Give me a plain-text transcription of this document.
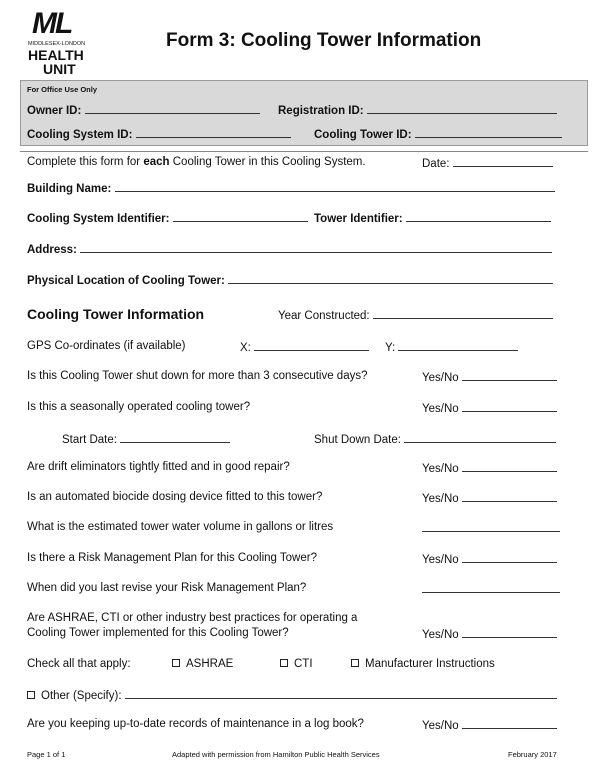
ML
MIDDLESEX-LONDON
HEALTH
UNIT
Form 3: Cooling Tower Information
For Office Use Only
Owner ID:	Registration ID:
Cooling System ID:	Cooling Tower ID:
Complete this form for each Cooling Tower in this Cooling System.	Date:
Building Name:
Cooling System Identifier:	Tower Identifier:
Address:
Physical Location of Cooling Tower:
Cooling Tower Information	Year Constructed:
GPS Co-ordinates (if available)	X:	Y:
Is this Cooling Tower shut down for more than 3 consecutive days?	Yes/No
Is this a seasonally operated cooling tower?	Yes/No
Start Date:	Shut Down Date:
Are drift eliminators tightly fitted and in good repair?	Yes/No
Is an automated biocide dosing device fitted to this tower?	Yes/No
What is the estimated tower water volume in gallons or litres
Is there a Risk Management Plan for this Cooling Tower?	Yes/No
When did you last revise your Risk Management Plan?
Are ASHRAE, CTI or other industry best practices for operating a
Cooling Tower implemented for this Cooling Tower?	Yes/No
Check all that apply:	ASHRAE	CTI	Manufacturer Instructions
Other (Specify):
Are you keeping up-to-date records of maintenance in a log book?	Yes/No
Page 1 of 1	Adapted with permission from Hamilton Public Health Services	February 2017
